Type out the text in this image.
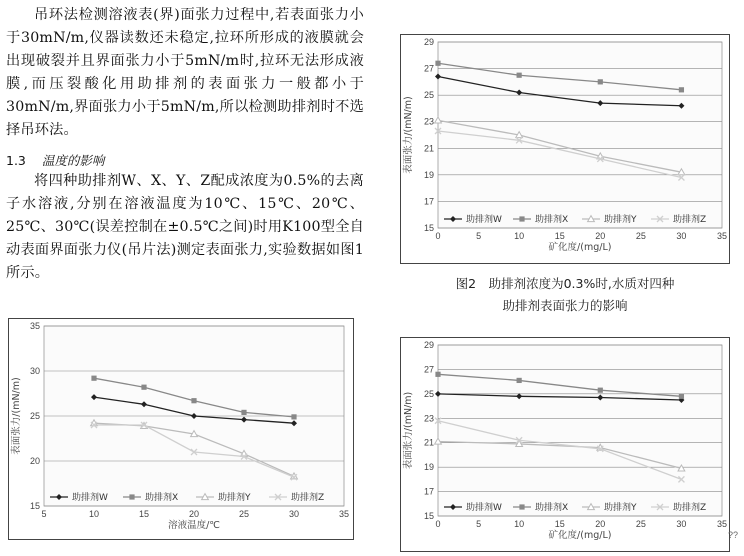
吊环法检测溶液表(界)面张力过程中,若表面张力小于30mN/m,仪器读数还未稳定,拉环所形成的液膜就会出现破裂并且界面张力小于5mN/m时,拉环无法形成液膜,而压裂酸化用助排剂的表面张力一般都小于30mN/m,界面张力小于5mN/m,所以检测助排剂时不选择吊环法。
1.3 温度的影响
将四种助排剂W、X、Y、Z配成浓度为0.5%的去离子水溶液,分别在溶液温度为10℃、15℃、20℃、25℃、30℃(误差控制在±0.5℃之间)时用K100型全自动表面界面张力仪(吊片法)测定表面张力,实验数据如图1所示。
15
20
25
30
35
5	10	15	20	25	30	35
溶液温度/℃
表面张力/(mN/m)
助排剂W	助排剂X	助排剂Y	助排剂Z
15
17
19
21
23
25
27
29
0	5	10	15	20	25	30	35
矿化度/(mg/L)
表面张力/(mN/m)
助排剂W	助排剂X	助排剂Y	助排剂Z
图2　助排剂浓度为0.3%时,水质对四种
助排剂表面张力的影响
15
17
19
21
23
25
27
29
0	5	10	15	20	25	30	35
矿化度/(mg/L)
表面张力/(mN/m)
助排剂W	助排剂X	助排剂Y	助排剂Z
??
